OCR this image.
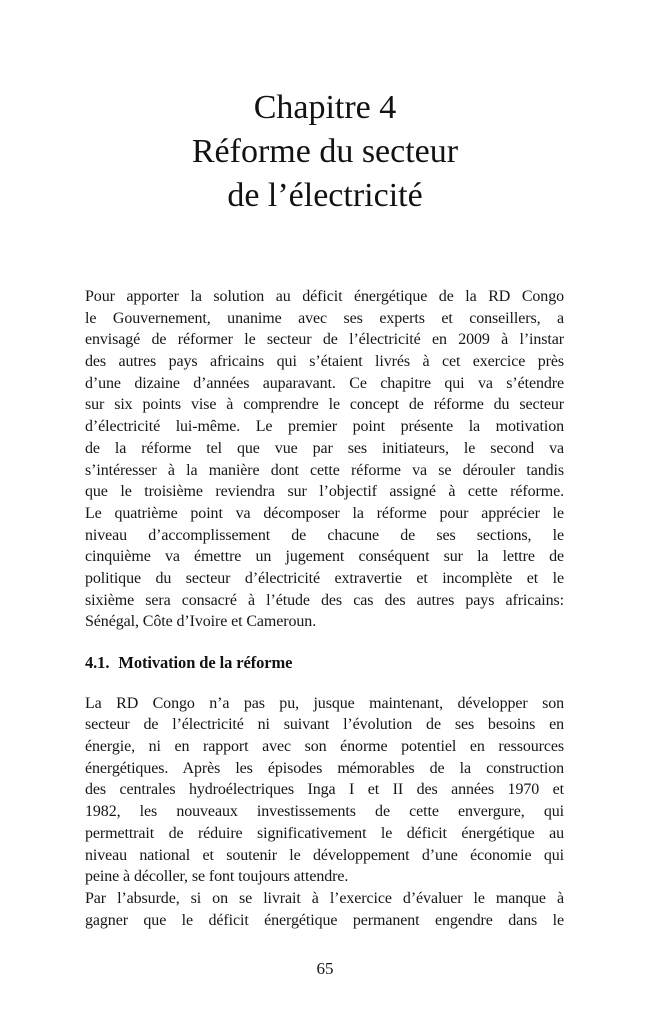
Chapitre 4
Réforme du secteur
de l’électricité
Pour apporter la solution au déficit énergétique de la RD Congo
le Gouvernement, unanime avec ses experts et conseillers, a
envisagé de réformer le secteur de l’électricité en 2009 à l’instar
des autres pays africains qui s’étaient livrés à cet exercice près
d’une dizaine d’années auparavant. Ce chapitre qui va s’étendre
sur six points vise à comprendre le concept de réforme du secteur
d’électricité lui-même. Le premier point présente la motivation
de la réforme tel que vue par ses initiateurs, le second va
s’intéresser à la manière dont cette réforme va se dérouler tandis
que le troisième reviendra sur l’objectif assigné à cette réforme.
Le quatrième point va décomposer la réforme pour apprécier le
niveau d’accomplissement de chacune de ses sections, le
cinquième va émettre un jugement conséquent sur la lettre de
politique du secteur d’électricité extravertie et incomplète et le
sixième sera consacré à l’étude des cas des autres pays africains:
Sénégal, Côte d’Ivoire et Cameroun.
4.1. Motivation de la réforme
La RD Congo n’a pas pu, jusque maintenant, développer son
secteur de l’électricité ni suivant l’évolution de ses besoins en
énergie, ni en rapport avec son énorme potentiel en ressources
énergétiques. Après les épisodes mémorables de la construction
des centrales hydroélectriques Inga I et II des années 1970 et
1982, les nouveaux investissements de cette envergure, qui
permettrait de réduire significativement le déficit énergétique au
niveau national et soutenir le développement d’une économie qui
peine à décoller, se font toujours attendre.
Par l’absurde, si on se livrait à l’exercice d’évaluer le manque à
gagner que le déficit énergétique permanent engendre dans le
65
